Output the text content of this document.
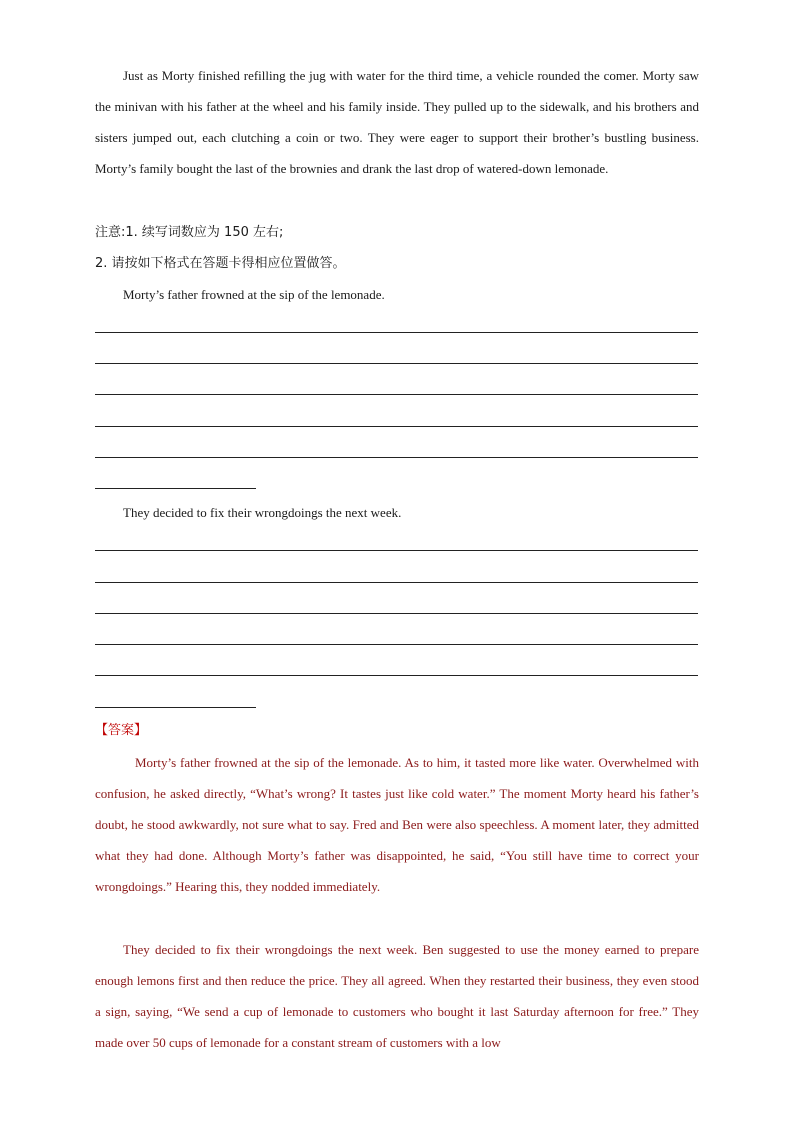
Just as Morty finished refilling the jug with water for the third time, a vehicle rounded the comer. Morty saw the minivan with his father at the wheel and his family inside. They pulled up to the sidewalk, and his brothers and sisters jumped out, each clutching a coin or two. They were eager to support their brother’s bustling business. Morty’s family bought the last of the brownies and drank the last drop of watered-down lemonade.

注意:1. 续写词数应为 150 左右;
2. 请按如下格式在答题卡得相应位置做答。
Morty’s father frowned at the sip of the lemonade.
They decided to fix their wrongdoings the next week.
【答案】

Morty’s father frowned at the sip of the lemonade. As to him, it tasted more like water. Overwhelmed with confusion, he asked directly, “What’s wrong? It tastes just like cold water.” The moment Morty heard his father’s doubt, he stood awkwardly, not sure what to say. Fred and Ben were also speechless. A moment later, they admitted what they had done. Although Morty’s father was disappointed, he said, “You still have time to correct your wrongdoings.” Hearing this, they nodded immediately.

They decided to fix their wrongdoings the next week. Ben suggested to use the money earned to prepare enough lemons first and then reduce the price. They all agreed. When they restarted their business, they even stood a sign, saying, “We send a cup of lemonade to customers who bought it last Saturday afternoon for free.” They made over 50 cups of lemonade for a constant stream of customers with a low
